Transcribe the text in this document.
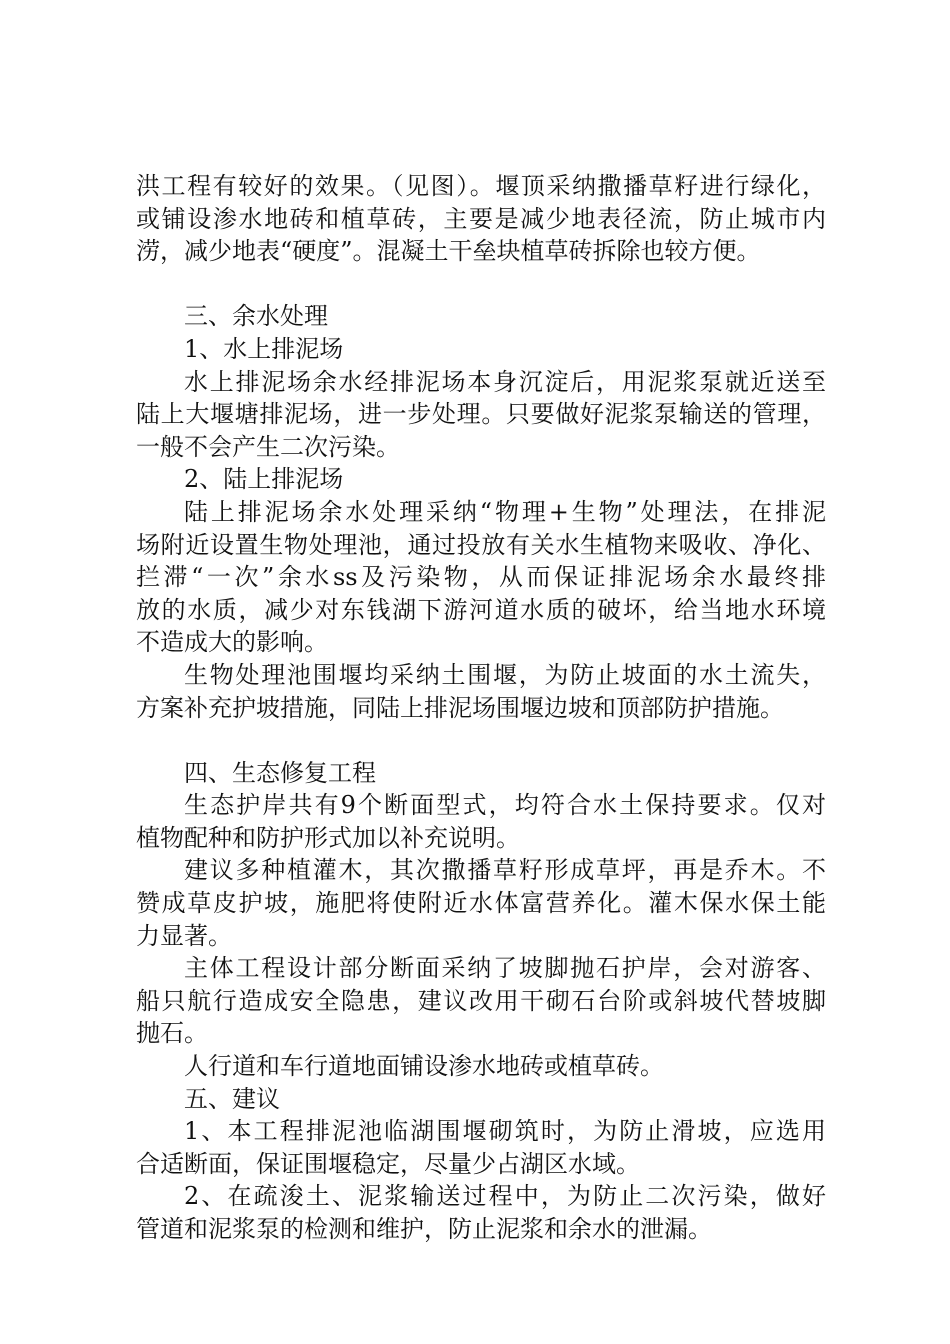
洪工程有较好的效果。（见图）。堰顶采纳撒播草籽进行绿化，
或铺设渗水地砖和植草砖，主要是减少地表径流，防止城市内
涝，减少地表“硬度”。混凝土干垒块植草砖拆除也较方便。
三、余水处理
1、水上排泥场
水上排泥场余水经排泥场本身沉淀后，用泥浆泵就近送至
陆上大堰塘排泥场，进一步处理。只要做好泥浆泵输送的管理，
一般不会产生二次污染。
2、陆上排泥场
陆上排泥场余水处理采纳“物理+生物”处理法，在排泥
场附近设置生物处理池，通过投放有关水生植物来吸收、净化、
拦滞“一次”余水ss及污染物，从而保证排泥场余水最终排
放的水质，减少对东钱湖下游河道水质的破坏，给当地水环境
不造成大的影响。
生物处理池围堰均采纳土围堰，为防止坡面的水土流失，
方案补充护坡措施，同陆上排泥场围堰边坡和顶部防护措施。
四、生态修复工程
生态护岸共有9个断面型式，均符合水土保持要求。仅对
植物配种和防护形式加以补充说明。
建议多种植灌木，其次撒播草籽形成草坪，再是乔木。不
赞成草皮护坡，施肥将使附近水体富营养化。灌木保水保土能
力显著。
主体工程设计部分断面采纳了坡脚抛石护岸，会对游客、
船只航行造成安全隐患，建议改用干砌石台阶或斜坡代替坡脚
抛石。
人行道和车行道地面铺设渗水地砖或植草砖。
五、建议
1、本工程排泥池临湖围堰砌筑时，为防止滑坡，应选用
合适断面，保证围堰稳定，尽量少占湖区水域。
2、在疏浚土、泥浆输送过程中，为防止二次污染，做好
管道和泥浆泵的检测和维护，防止泥浆和余水的泄漏。
